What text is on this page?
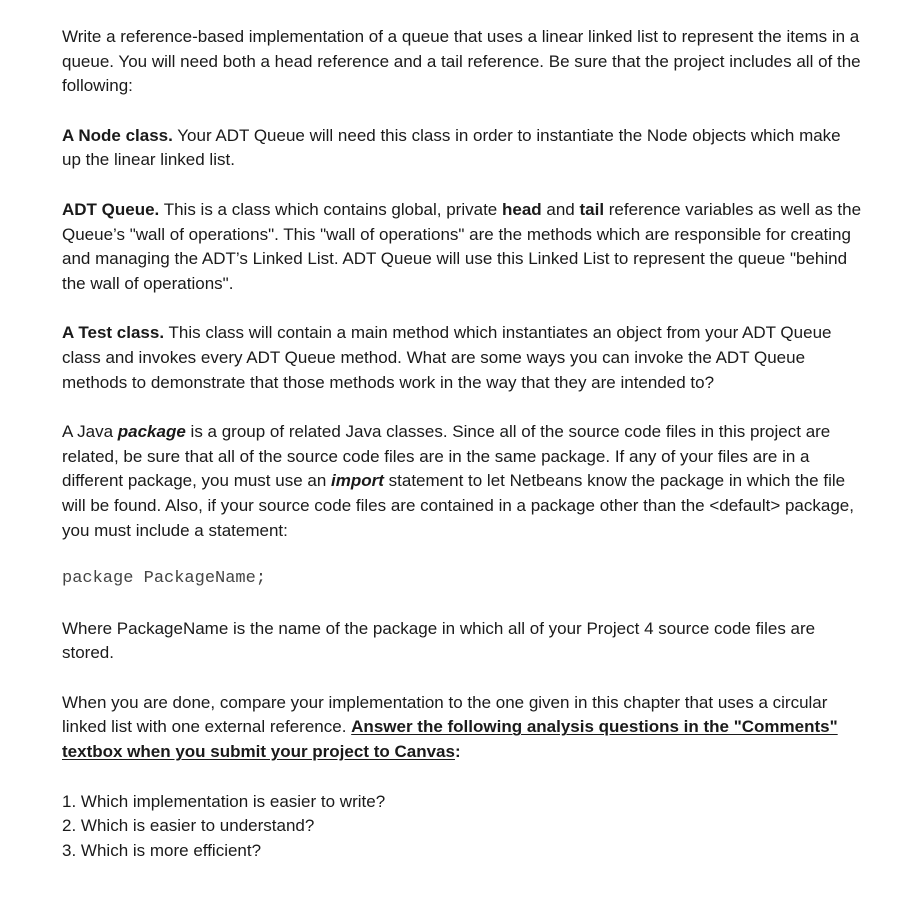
Write a reference-based implementation of a queue that uses a linear linked list to represent the items in a queue. You will need both a head reference and a tail reference. Be sure that the project includes all of the following:

A Node class. Your ADT Queue will need this class in order to instantiate the Node objects which make up the linear linked list.

ADT Queue. This is a class which contains global, private head and tail reference variables as well as the Queue’s "wall of operations". This "wall of operations" are the methods which are responsible for creating and managing the ADT’s Linked List. ADT Queue will use this Linked List to represent the queue "behind the wall of operations".

A Test class. This class will contain a main method which instantiates an object from your ADT Queue class and invokes every ADT Queue method. What are some ways you can invoke the ADT Queue methods to demonstrate that those methods work in the way that they are intended to?

A Java package is a group of related Java classes. Since all of the source code files in this project are related, be sure that all of the source code files are in the same package. If any of your files are in a different package, you must use an import statement to let Netbeans know the package in which the file will be found. Also, if your source code files are contained in a package other than the <default> package, you must include a statement:

package PackageName;

Where PackageName is the name of the package in which all of your Project 4 source code files are stored.

When you are done, compare your implementation to the one given in this chapter that uses a circular linked list with one external reference. Answer the following analysis questions in the "Comments" textbox when you submit your project to Canvas:

1. Which implementation is easier to write?
2. Which is easier to understand?
3. Which is more efficient?
